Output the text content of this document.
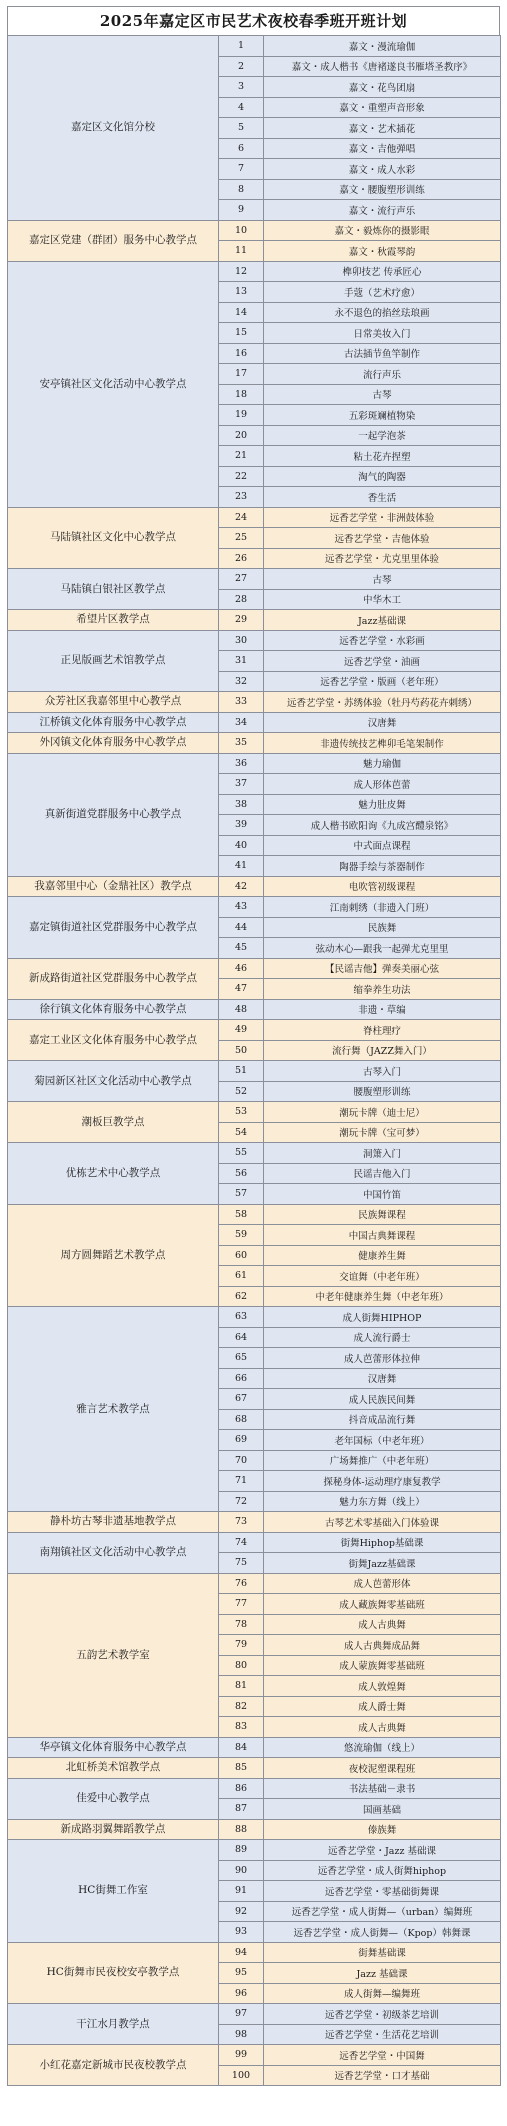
2025年嘉定区市民艺术夜校春季班开班计划
嘉定区文化馆分校	1	嘉文・漫流瑜伽
	2	嘉文・成人楷书《唐褚遂良书雁塔圣教序》
	3	嘉文・花鸟团扇
	4	嘉文・重塑声音形象
	5	嘉文・艺术插花
	6	嘉文・吉他弹唱
	7	嘉文・成人水彩
	8	嘉文・腰腹塑形训练
	9	嘉文・流行声乐
嘉定区党建（群团）服务中心教学点	10	嘉文・毅炼你的摄影眼
	11	嘉文・秋霞琴韵
安亭镇社区文化活动中心教学点	12	榫卯技艺 传承匠心
	13	手蔻（艺术疗愈）
	14	永不退色的掐丝珐琅画
	15	日常美妆入门
	16	古法插节鱼竿制作
	17	流行声乐
	18	古琴
	19	五彩斑斓植物染
	20	一起学泡茶
	21	粘土花卉捏塑
	22	淘气的陶器
	23	香生活
马陆镇社区文化中心教学点	24	远香艺学堂・非洲鼓体验
	25	远香艺学堂・吉他体验
	26	远香艺学堂・尤克里里体验
马陆镇白银社区教学点	27	古琴
	28	中华木工
希望片区教学点	29	Jazz基础课
正见版画艺术馆教学点	30	远香艺学堂・水彩画
	31	远香艺学堂・油画
	32	远香艺学堂・版画（老年班）
众芳社区我嘉邻里中心教学点	33	远香艺学堂・苏绣体验（牡丹芍药花卉刺绣）
江桥镇文化体育服务中心教学点	34	汉唐舞
外冈镇文化体育服务中心教学点	35	非遗传统技艺榫卯毛笔架制作
真新街道党群服务中心教学点	36	魅力瑜伽
	37	成人形体芭蕾
	38	魅力肚皮舞
	39	成人楷书欧阳询《九成宫醴泉铭》
	40	中式面点课程
	41	陶器手绘与茶器制作
我嘉邻里中心（金鼎社区）教学点	42	电吹管初级课程
嘉定镇街道社区党群服务中心教学点	43	江南刺绣（非遗入门班）
	44	民族舞
	45	弦动木心—跟我一起弹尤克里里
新成路街道社区党群服务中心教学点	46	【民谣吉他】弹奏美丽心弦
	47	缩拳养生功法
徐行镇文化体育服务中心教学点	48	非遗・草编
嘉定工业区文化体育服务中心教学点	49	脊柱理疗
	50	流行舞（JAZZ舞入门）
菊园新区社区文化活动中心教学点	51	古琴入门
	52	腰腹塑形训练
潮板巨教学点	53	潮玩卡牌（迪士尼）
	54	潮玩卡牌（宝可梦）
优栋艺术中心教学点	55	洞箫入门
	56	民谣吉他入门
	57	中国竹笛
周方圆舞蹈艺术教学点	58	民族舞课程
	59	中国古典舞课程
	60	健康养生舞
	61	交谊舞（中老年班）
	62	中老年健康养生舞（中老年班）
雅言艺术教学点	63	成人街舞HIPHOP
	64	成人流行爵士
	65	成人芭蕾形体拉伸
	66	汉唐舞
	67	成人民族民间舞
	68	抖音成品流行舞
	69	老年国标（中老年班）
	70	广场舞推广（中老年班）
	71	探秘身体-运动理疗康复教学
	72	魅力东方舞（线上）
静朴坊古琴非遗基地教学点	73	古琴艺术零基础入门体验课
南翔镇社区文化活动中心教学点	74	街舞Hiphop基础课
	75	街舞Jazz基础课
五韵艺术教学室	76	成人芭蕾形体
	77	成人藏族舞零基础班
	78	成人古典舞
	79	成人古典舞成品舞
	80	成人蒙族舞零基础班
	81	成人敦煌舞
	82	成人爵士舞
	83	成人古典舞
华亭镇文化体育服务中心教学点	84	悠流瑜伽（线上）
北虹桥美术馆教学点	85	夜校泥塑课程班
佳爱中心教学点	86	书法基础－隶书
	87	国画基础
新成路羽翼舞蹈教学点	88	傣族舞
HC街舞工作室	89	远香艺学堂・Jazz 基础课
	90	远香艺学堂・成人街舞hiphop
	91	远香艺学堂・零基础街舞课
	92	远香艺学堂・成人街舞—（urban）编舞班
	93	远香艺学堂・成人街舞—（Kpop）韩舞课
HC街舞市民夜校安亭教学点	94	街舞基础课
	95	Jazz 基础课
	96	成人街舞—编舞班
干江水月教学点	97	远香艺学堂・初级茶艺培训
	98	远香艺学堂・生活花艺培训
小红花嘉定新城市民夜校教学点	99	远香艺学堂・中国舞
	100	远香艺学堂・口才基础
